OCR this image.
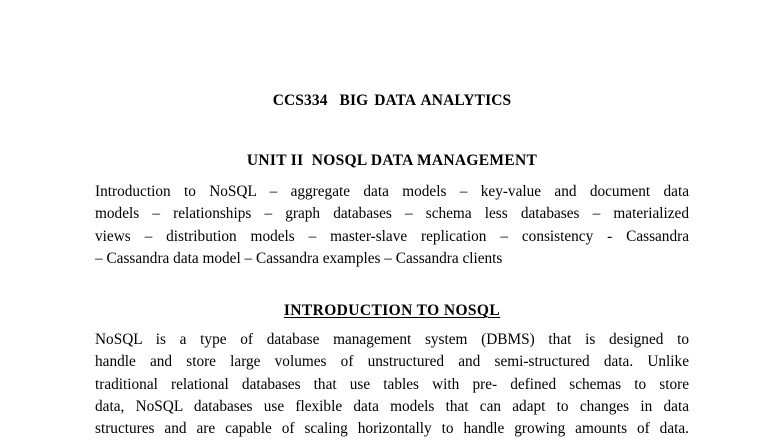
CCS334  BIG DATA ANALYTICS
UNIT II  NOSQL DATA MANAGEMENT
Introduction to NoSQL – aggregate data models – key-value and document data
models – relationships – graph databases – schema less databases – materialized
views – distribution models – master-slave replication – consistency - Cassandra
– Cassandra data model – Cassandra examples – Cassandra clients
INTRODUCTION TO NOSQL
NoSQL is a type of database management system (DBMS) that is designed to
handle and store large volumes of unstructured and semi-structured data. Unlike
traditional relational databases that use tables with pre- defined schemas to store
data, NoSQL databases use flexible data models that can adapt to changes in data
structures and are capable of scaling horizontally to handle growing amounts of data.
